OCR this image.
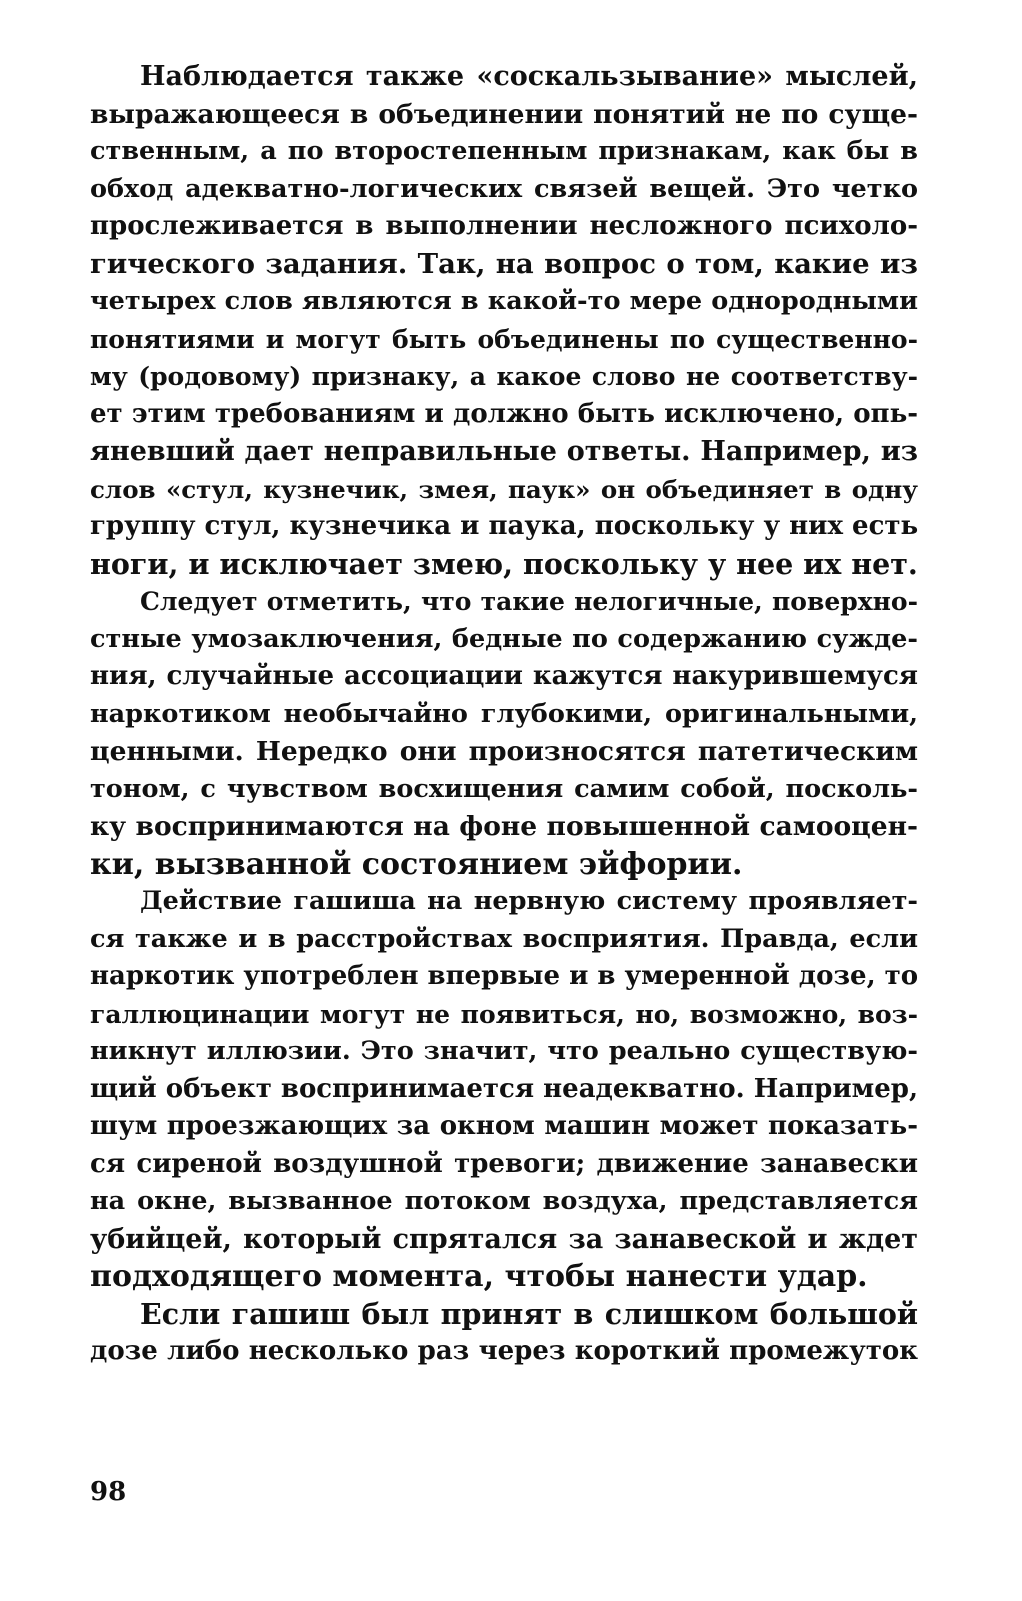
Наблюдается также «соскальзывание» мыслей,
выражающееся в объединении понятий не по суще-
ственным, а по второстепенным признакам, как бы в
обход адекватно-логических связей вещей. Это четко
прослеживается в выполнении несложного психоло-
гического задания. Так, на вопрос о том, какие из
четырех слов являются в какой-то мере однородными
понятиями и могут быть объединены по существенно-
му (родовому) признаку, а какое слово не соответству-
ет этим требованиям и должно быть исключено, опь-
яневший дает неправильные ответы. Например, из
слов «стул, кузнечик, змея, паук» он объединяет в одну
группу стул, кузнечика и паука, поскольку у них есть
ноги, и исключает змею, поскольку у нее их нет.
Следует отметить, что такие нелогичные, поверхно-
стные умозаключения, бедные по содержанию сужде-
ния, случайные ассоциации кажутся накурившемуся
наркотиком необычайно глубокими, оригинальными,
ценными. Нередко они произносятся патетическим
тоном, с чувством восхищения самим собой, посколь-
ку воспринимаются на фоне повышенной самооцен-
ки, вызванной состоянием эйфории.
Действие гашиша на нервную систему проявляет-
ся также и в расстройствах восприятия. Правда, если
наркотик употреблен впервые и в умеренной дозе, то
галлюцинации могут не появиться, но, возможно, воз-
никнут иллюзии. Это значит, что реально существую-
щий объект воспринимается неадекватно. Например,
шум проезжающих за окном машин может показать-
ся сиреной воздушной тревоги; движение занавески
на окне, вызванное потоком воздуха, представляется
убийцей, который спрятался за занавеской и ждет
подходящего момента, чтобы нанести удар.
Если гашиш был принят в слишком большой
дозе либо несколько раз через короткий промежуток
98
